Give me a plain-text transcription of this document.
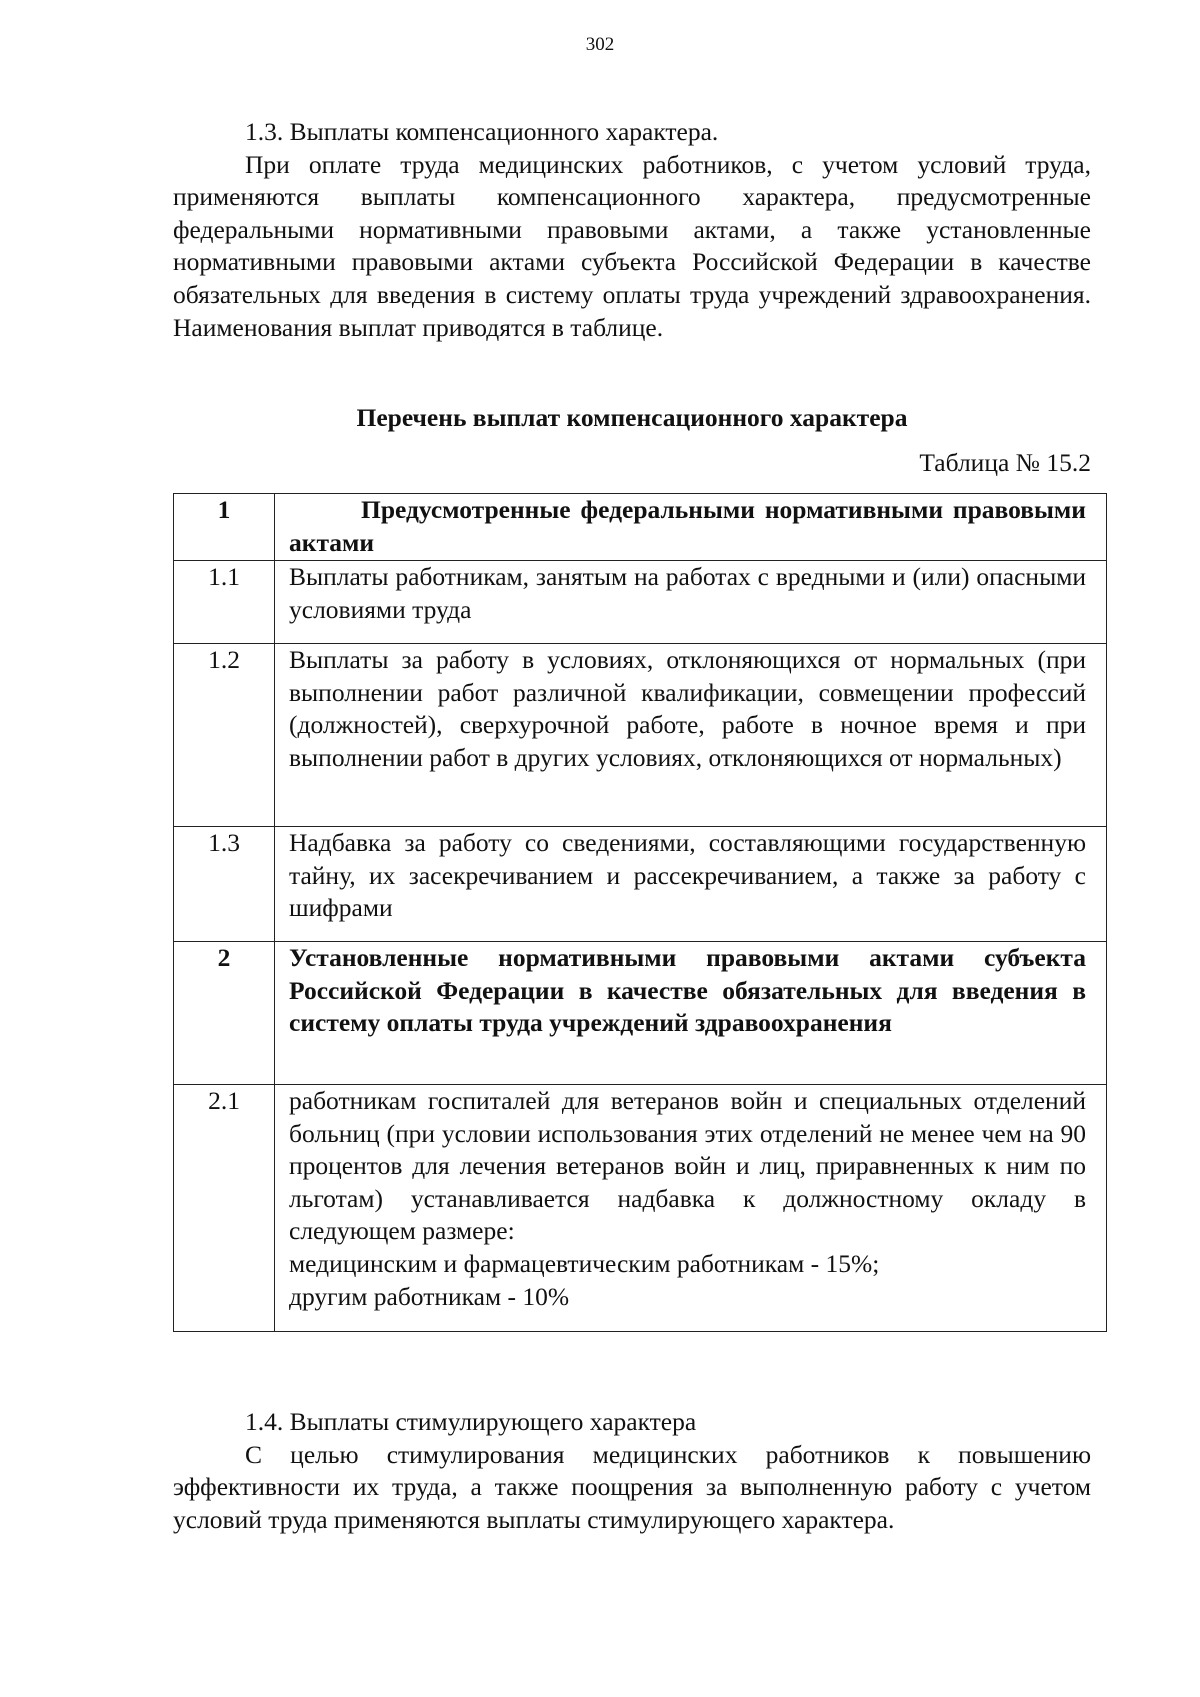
302

1.3. Выплаты компенсационного характера.

При оплате труда медицинских работников, с учетом условий труда, применяются выплаты компенсационного характера, предусмотренные федеральными нормативными правовыми актами, а также установленные нормативными правовыми актами субъекта Российской Федерации в качестве обязательных для введения в систему оплаты труда учреждений здравоохранения. Наименования выплат приводятся в таблице.

Перечень выплат компенсационного характера
Таблица № 15.2
1	Предусмотренные федеральными нормативными правовыми актами

1.1	Выплаты работникам, занятым на работах с вредными и (или) опасными условиями труда
1.2	Выплаты за работу в условиях, отклоняющихся от нормальных (при выполнении работ различной квалификации, совмещении профессий (должностей), сверхурочной работе, работе в ночное время и при выполнении работ в других условиях, отклоняющихся от нормальных)
1.3	Надбавка за работу со сведениями, составляющими государственную тайну, их засекречиванием и рассекречиванием, а также за работу с шифрами
2	Установленные нормативными правовыми актами субъекта Российской Федерации в качестве обязательных для введения в систему оплаты труда учреждений здравоохранения
2.1	работникам госпиталей для ветеранов войн и специальных отделений больниц (при условии использования этих отделений не менее чем на 90 процентов для лечения ветеранов войн и лиц, приравненных к ним по льготам) устанавливается надбавка к должностному окладу в следующем размере:
медицинским и фармацевтическим работникам - 15%;
другим работникам - 10%

1.4. Выплаты стимулирующего характера

С целью стимулирования медицинских работников к повышению эффективности их труда, а также поощрения за выполненную работу с учетом условий труда применяются выплаты стимулирующего характера.
